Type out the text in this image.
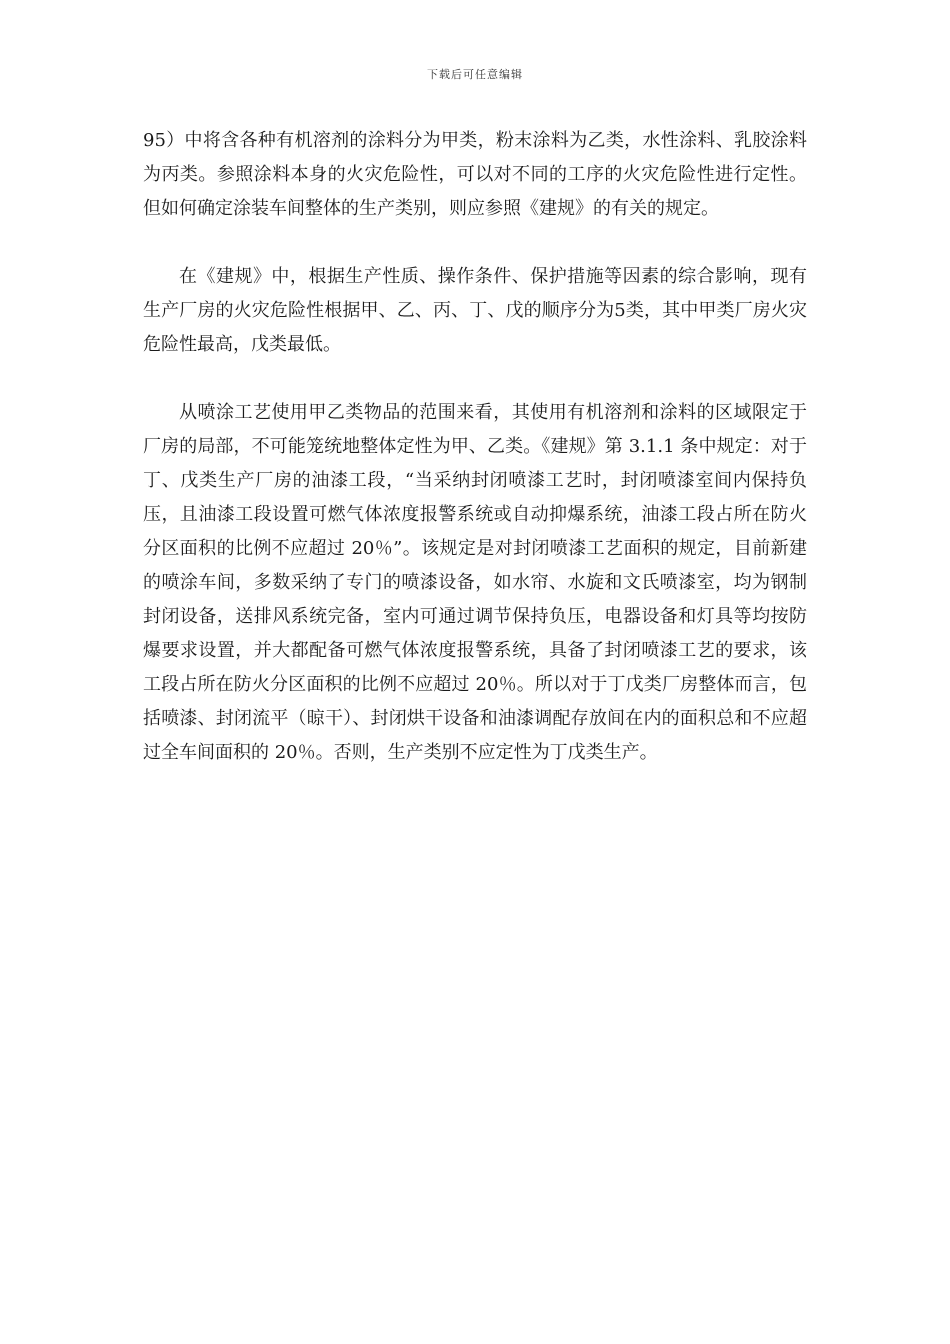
下载后可任意编辑

95）中将含各种有机溶剂的涂料分为甲类，粉末涂料为乙类，水性涂料、乳胶涂料为丙类。参照涂料本身的火灾危险性，可以对不同的工序的火灾危险性进行定性。但如何确定涂装车间整体的生产类别，则应参照《建规》的有关的规定。

在《建规》中，根据生产性质、操作条件、保护措施等因素的综合影响，现有生产厂房的火灾危险性根据甲、乙、丙、丁、戊的顺序分为5类，其中甲类厂房火灾危险性最高，戊类最低。

从喷涂工艺使用甲乙类物品的范围来看，其使用有机溶剂和涂料的区域限定于厂房的局部，不可能笼统地整体定性为甲、乙类。《建规》第 3.1.1 条中规定：对于丁、戊类生产厂房的油漆工段，“当采纳封闭喷漆工艺时，封闭喷漆室间内保持负压，且油漆工段设置可燃气体浓度报警系统或自动抑爆系统，油漆工段占所在防火分区面积的比例不应超过 20％”。该规定是对封闭喷漆工艺面积的规定，目前新建的喷涂车间，多数采纳了专门的喷漆设备，如水帘、水旋和文氏喷漆室，均为钢制封闭设备，送排风系统完备，室内可通过调节保持负压，电器设备和灯具等均按防爆要求设置，并大都配备可燃气体浓度报警系统，具备了封闭喷漆工艺的要求，该工段占所在防火分区面积的比例不应超过 20％。所以对于丁戊类厂房整体而言，包括喷漆、封闭流平（晾干）、封闭烘干设备和油漆调配存放间在内的面积总和不应超过全车间面积的 20％。否则，生产类别不应定性为丁戊类生产。
